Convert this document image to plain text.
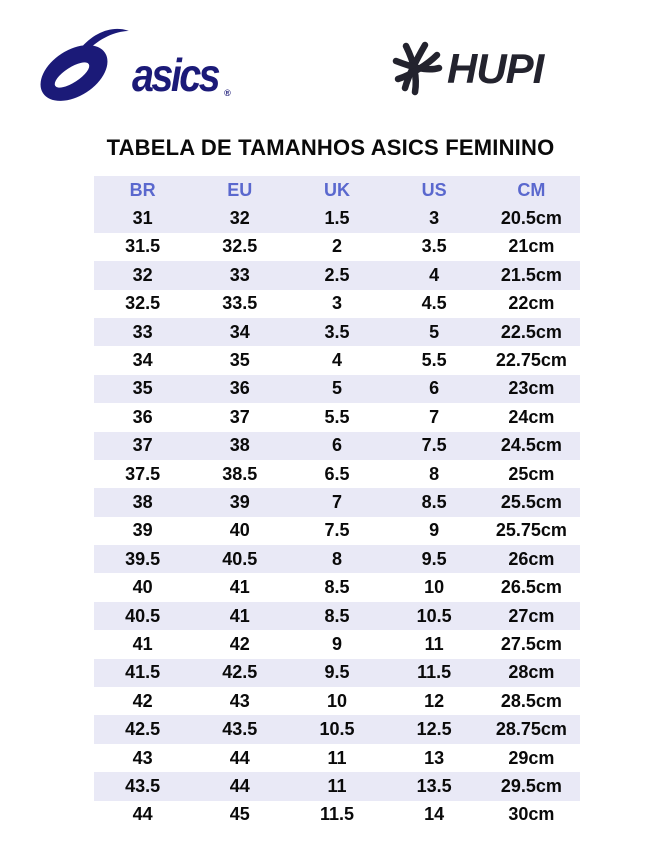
asics ®
HUPI
TABELA DE TAMANHOS ASICS FEMININO
BR	EU	UK	US	CM
31	32	1.5	3	20.5cm
31.5	32.5	2	3.5	21cm
32	33	2.5	4	21.5cm
32.5	33.5	3	4.5	22cm
33	34	3.5	5	22.5cm
34	35	4	5.5	22.75cm
35	36	5	6	23cm
36	37	5.5	7	24cm
37	38	6	7.5	24.5cm
37.5	38.5	6.5	8	25cm
38	39	7	8.5	25.5cm
39	40	7.5	9	25.75cm
39.5	40.5	8	9.5	26cm
40	41	8.5	10	26.5cm
40.5	41	8.5	10.5	27cm
41	42	9	11	27.5cm
41.5	42.5	9.5	11.5	28cm
42	43	10	12	28.5cm
42.5	43.5	10.5	12.5	28.75cm
43	44	11	13	29cm
43.5	44	11	13.5	29.5cm
44	45	11.5	14	30cm
